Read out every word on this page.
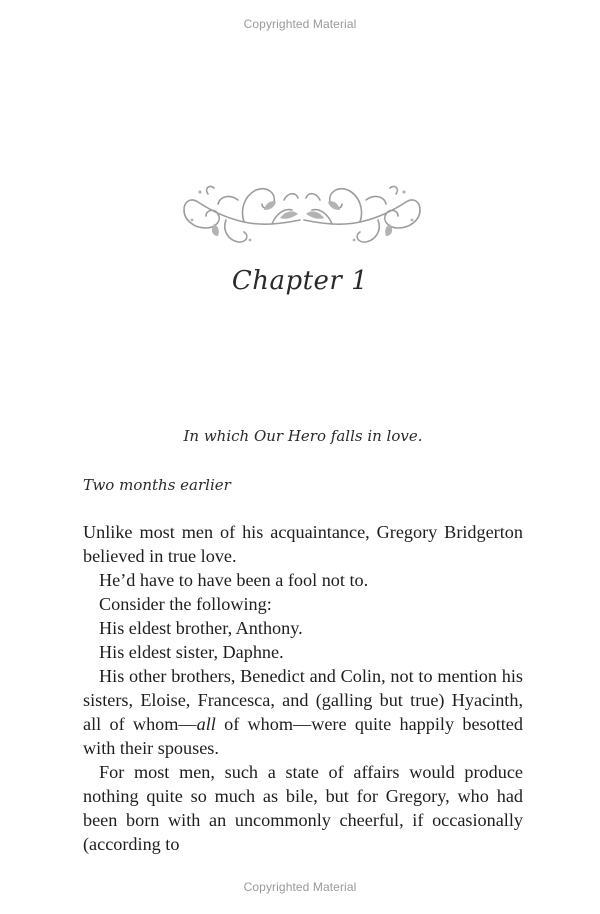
Copyrighted Material
Chapter 1
In which Our Hero falls in love.
Two months earlier

Unlike most men of his acquaintance, Gregory Bridgerton believed in true love.

He’d have to have been a fool not to.

Consider the following:

His eldest brother, Anthony.

His eldest sister, Daphne.

His other brothers, Benedict and Colin, not to mention his sisters, Eloise, Francesca, and (galling but true) Hyacinth, all of whom—all of whom—were quite happily besotted with their spouses.

For most men, such a state of affairs would produce nothing quite so much as bile, but for Gregory, who had been born with an uncommonly cheerful, if occasionally (according to

Copyrighted Material
